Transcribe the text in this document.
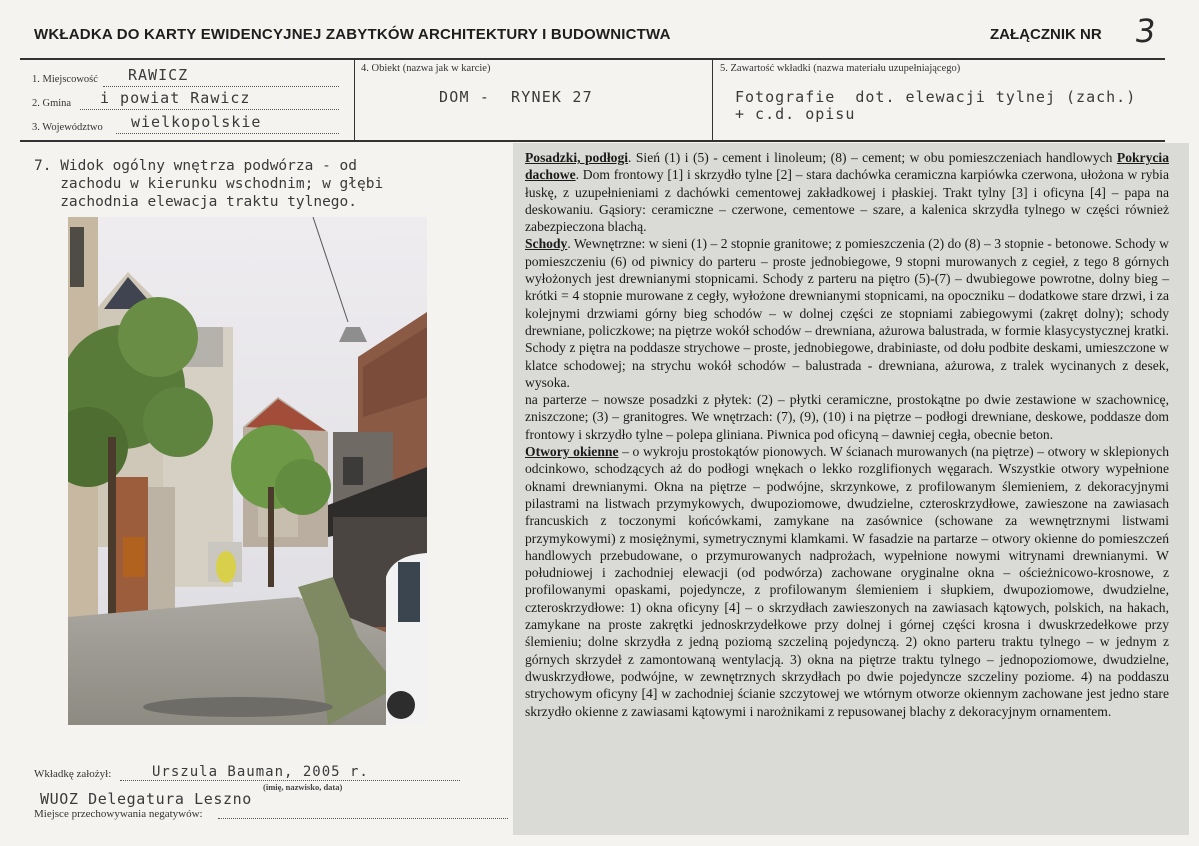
WKŁADKA DO KARTY EWIDENCYJNEJ ZABYTKÓW ARCHITEKTURY I BUDOWNICTWA	ZAŁĄCZNIK NR 3
1. Miejscowość RAWICZ
2. Gmina i powiat Rawicz
3. Województwo wielkopolskie
4. Obiekt (nazwa jak w karcie)
DOM - RYNEK 27
5. Zawartość wkładki (nazwa materiału uzupełniającego)
Fotografie  dot. elewacji tylnej (zach.)
+ c.d. opisu
7. Widok ogólny wnętrza podwórza - od
zachodu w kierunku wschodnim; w głębi
zachodnia elewacja traktu tylnego.

Posadzki, podłogi. Sień (1) i (5) - cement i linoleum; (8) – cement; w obu pomieszczeniach handlowych Pokrycia dachowe. Dom frontowy [1] i skrzydło tylne [2] – stara dachówka ceramiczna karpiówka czerwona, ułożona w rybia łuskę, z uzupełnieniami z dachówki cementowej zakładkowej i płaskiej. Trakt tylny [3] i oficyna [4] – papa na deskowaniu. Gąsiory: ceramiczne – czerwone, cementowe – szare, a kalenica skrzydła tylnego w części również zabezpieczona blachą.

Schody. Wewnętrzne: w sieni (1) – 2 stopnie granitowe; z pomieszczenia (2) do (8) – 3 stopnie - betonowe. Schody w pomieszczeniu (6) od piwnicy do parteru – proste jednobiegowe, 9 stopni murowanych z cegieł, z tego 8 górnych wyłożonych jest drewnianymi stopnicami. Schody z parteru na piętro (5)-(7) – dwubiegowe powrotne, dolny bieg – krótki = 4 stopnie murowane z cegły, wyłożone drewnianymi stopnicami, na opoczniku – dodatkowe stare drzwi, i za kolejnymi drzwiami górny bieg schodów – w dolnej części ze stopniami zabiegowymi (zakręt dolny); schody drewniane, policzkowe; na piętrze wokół schodów – drewniana, ażurowa balustrada, w formie klasycystycznej kratki. Schody z piętra na poddasze strychowe – proste, jednobiegowe, drabiniaste, od dołu podbite deskami, umieszczone w klatce schodowej; na strychu wokół schodów – balustrada - drewniana, ażurowa, z tralek wycinanych z desek, wysoka.

na parterze – nowsze posadzki z płytek: (2) – płytki ceramiczne, prostokątne po dwie zestawione w szachownicę, zniszczone; (3) – granitogres. We wnętrzach: (7), (9), (10) i na piętrze – podłogi drewniane, deskowe, poddasze dom frontowy i skrzydło tylne – polepa gliniana. Piwnica pod oficyną – dawniej cegła, obecnie beton.

Otwory okienne – o wykroju prostokątów pionowych. W ścianach murowanych (na piętrze) – otwory w sklepionych odcinkowo, schodzących aż do podłogi wnękach o lekko rozglifionych węgarach. Wszystkie otwory wypełnione oknami drewnianymi. Okna na piętrze – podwójne, skrzynkowe, z profilowanym ślemieniem, z dekoracyjnymi pilastrami na listwach przymykowych, dwupoziomowe, dwudzielne, czteroskrzydłowe, zawieszone na zawiasach francuskich z toczonymi końcówkami, zamykane na zasównice (schowane za wewnętrznymi listwami przymykowymi) z mosiężnymi, symetrycznymi klamkami. W fasadzie na partarze – otwory okienne do pomieszczeń handlowych przebudowane, o przymurowanych nadprożach, wypełnione nowymi witrynami drewnianymi. W południowej i zachodniej elewacji (od podwórza) zachowane oryginalne okna – ościeżnicowo-krosnowe, z profilowanymi opaskami, pojedyncze, z profilowanym ślemieniem i słupkiem, dwupoziomowe, dwudzielne, czteroskrzydłowe: 1) okna oficyny [4] – o skrzydłach zawieszonych na zawiasach kątowych, polskich, na hakach, zamykane na proste zakrętki jednoskrzydełkowe przy dolnej i górnej części krosna i dwuskrzedełkowe przy ślemieniu; dolne skrzydła z jedną poziomą szczeliną pojedynczą. 2) okno parteru traktu tylnego – w jednym z górnych skrzydeł z zamontowaną wentylacją. 3) okna na piętrze traktu tylnego – jednopoziomowe, dwudzielne, dwuskrzydłowe, podwójne, w zewnętrznych skrzydłach po dwie pojedyncze szczeliny poziome. 4) na poddaszu strychowym oficyny [4] w zachodniej ścianie szczytowej we wtórnym otworze okiennym zachowane jest jedno stare skrzydło okienne z zawiasami kątowymi i narożnikami z repusowanej blachy z dekoracyjnym ornamentem.

Wkładkę założył:	Urszula Bauman, 2005 r.
(imię, nazwisko, data)
WUOZ Delegatura Leszno
Miejsce przechowywania negatywów:
